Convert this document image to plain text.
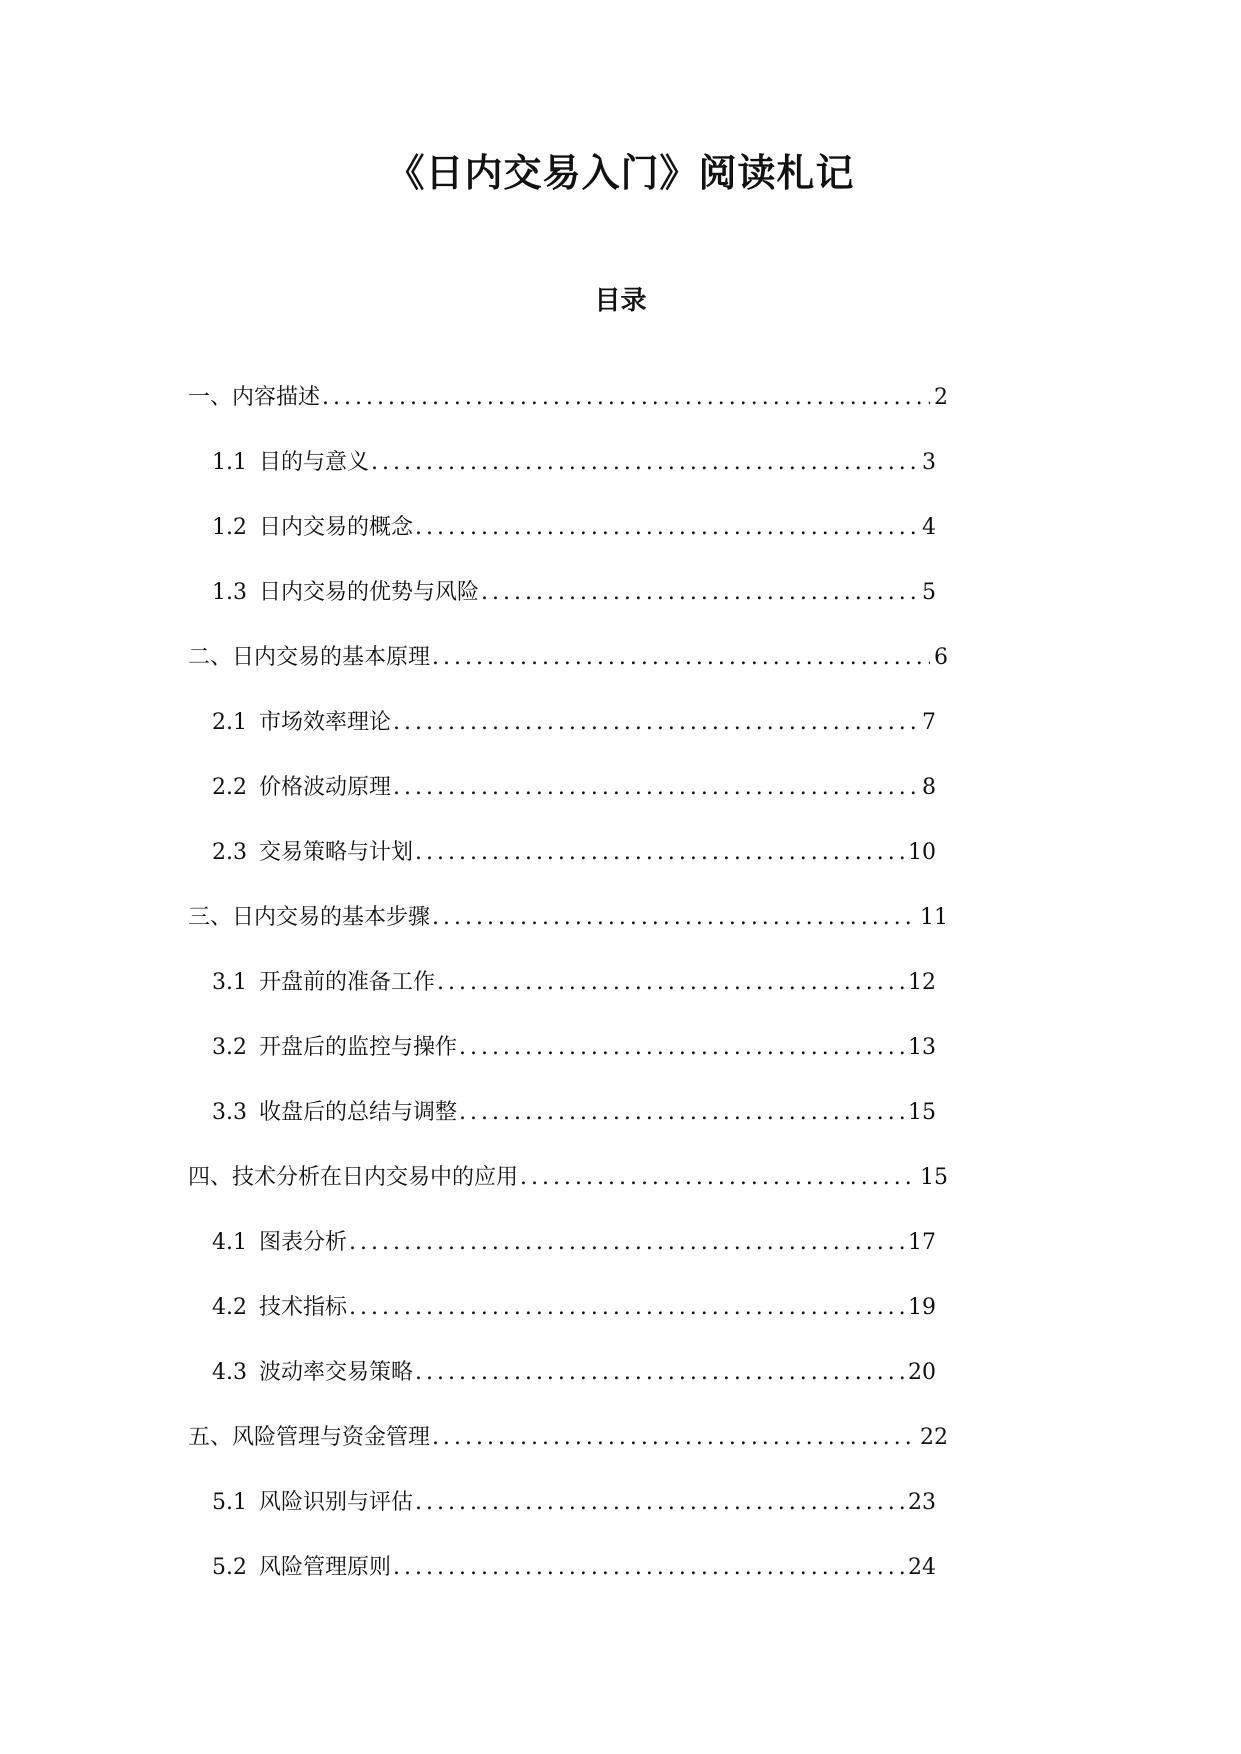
《日内交易入门》阅读札记
目录
一、内容描述 .....	2
1.1 目的与意义 .....	3
1.2 日内交易的概念 .....	4
1.3 日内交易的优势与风险 .....	5
二、日内交易的基本原理 .....	6
2.1 市场效率理论 .....	7
2.2 价格波动原理 .....	8
2.3 交易策略与计划 .....	10
三、日内交易的基本步骤 .....	11
3.1 开盘前的准备工作 .....	12
3.2 开盘后的监控与操作 .....	13
3.3 收盘后的总结与调整 .....	15
四、技术分析在日内交易中的应用 .....	15
4.1 图表分析 .....	17
4.2 技术指标 .....	19
4.3 波动率交易策略 .....	20
五、风险管理与资金管理 .....	22
5.1 风险识别与评估 .....	23
5.2 风险管理原则 .....	24
